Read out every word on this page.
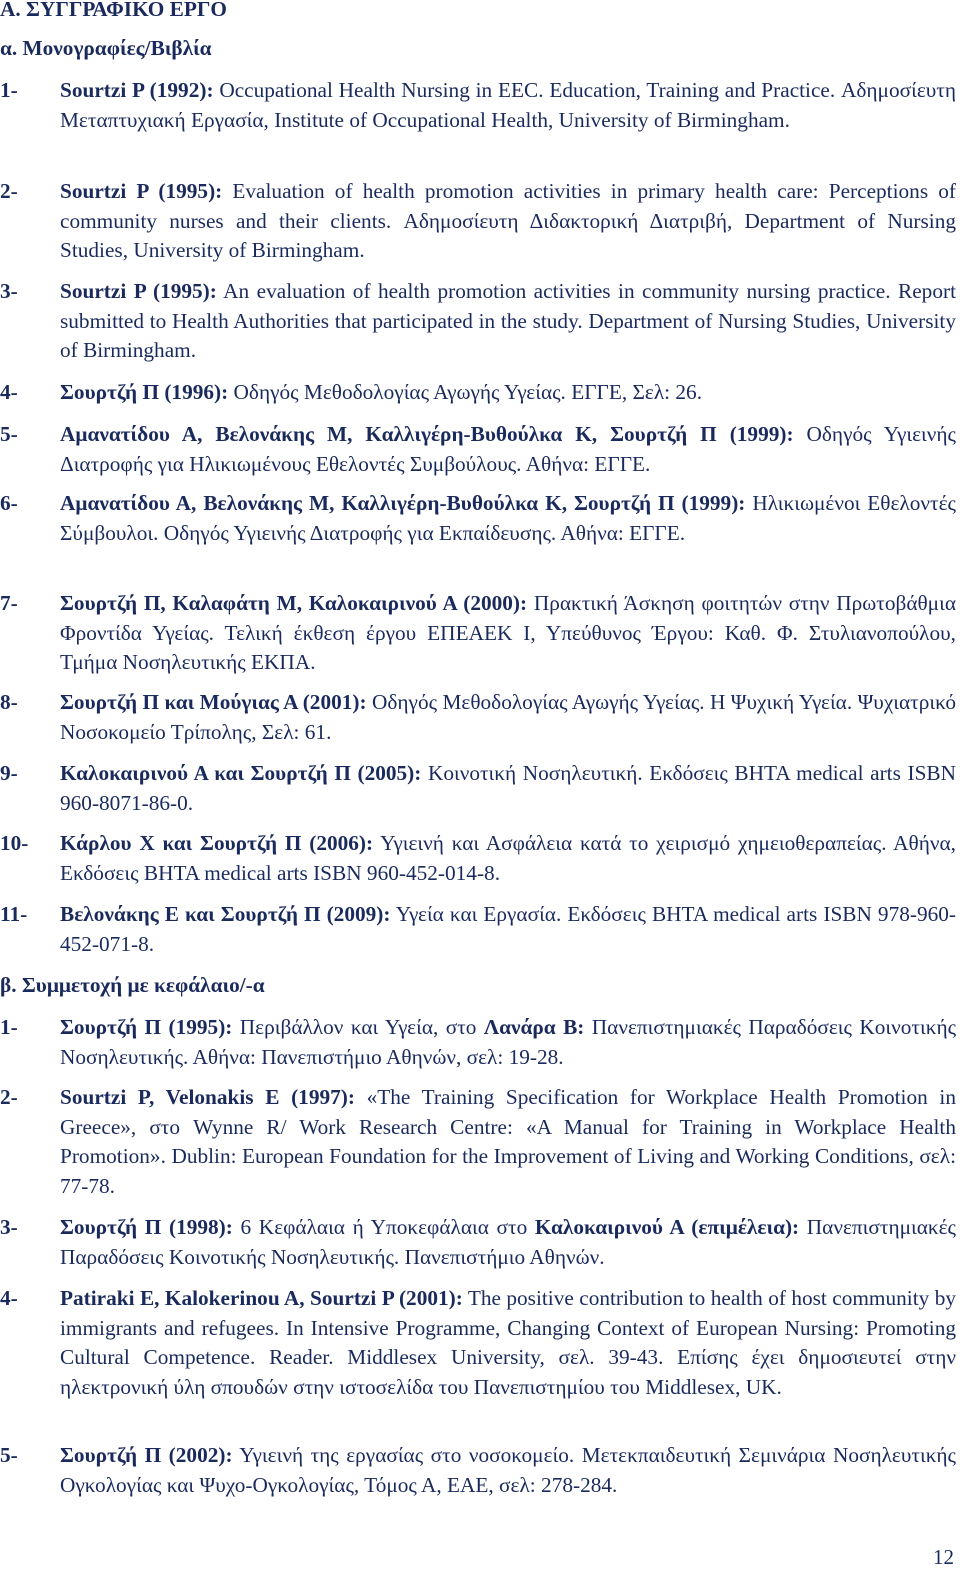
Α. ΣΥΓΓΡΑΦΙΚΟ ΕΡΓΟ
α. Μονογραφίες/Βιβλία
1- Sourtzi P (1992): Occupational Health Nursing in EEC. Education, Training and Practice. Αδημοσίευτη Μεταπτυχιακή Εργασία, Institute of Occupational Health, University of Birmingham.
2- Sourtzi P (1995): Evaluation of health promotion activities in primary health care: Perceptions of community nurses and their clients. Αδημοσίευτη Διδακτορική Διατριβή, Department of Nursing Studies, University of Birmingham.
3- Sourtzi P (1995): An evaluation of health promotion activities in community nursing practice. Report submitted to Health Authorities that participated in the study. Department of Nursing Studies, University of Birmingham.
4- Σουρτζή Π (1996): Οδηγός Μεθοδολογίας Αγωγής Υγείας. ΕΓΓΕ, Σελ: 26.
5- Αμανατίδου Α, Βελονάκης Μ, Καλλιγέρη-Βυθούλκα Κ, Σουρτζή Π (1999): Οδηγός Υγιεινής Διατροφής για Ηλικιωμένους Εθελοντές Συμβούλους. Αθήνα: ΕΓΓΕ.
6- Αμανατίδου Α, Βελονάκης Μ, Καλλιγέρη-Βυθούλκα Κ, Σουρτζή Π (1999): Ηλικιωμένοι Εθελοντές Σύμβουλοι. Οδηγός Υγιεινής Διατροφής για Εκπαίδευσης. Αθήνα: ΕΓΓΕ.
7- Σουρτζή Π, Καλαφάτη Μ, Καλοκαιρινού Α (2000): Πρακτική Άσκηση φοιτητών στην Πρωτοβάθμια Φροντίδα Υγείας. Τελική έκθεση έργου ΕΠΕΑΕΚ Ι, Υπεύθυνος Έργου: Καθ. Φ. Στυλιανοπούλου, Τμήμα Νοσηλευτικής ΕΚΠΑ.
8- Σουρτζή Π και Μούγιας Α (2001): Οδηγός Μεθοδολογίας Αγωγής Υγείας. Η Ψυχική Υγεία. Ψυχιατρικό Νοσοκομείο Τρίπολης, Σελ: 61.
9- Καλοκαιρινού Α και Σουρτζή Π (2005): Κοινοτική Νοσηλευτική. Εκδόσεις ΒΗΤΑ medical arts ISBN 960-8071-86-0.
10- Κάρλου Χ και Σουρτζή Π (2006): Υγιεινή και Ασφάλεια κατά το χειρισμό χημειοθεραπείας. Αθήνα, Εκδόσεις ΒΗΤΑ medical arts ISBN 960-452-014-8.
11- Βελονάκης Ε και Σουρτζή Π (2009): Υγεία και Εργασία. Εκδόσεις ΒΗΤΑ medical arts ISBN 978-960-452-071-8.
β. Συμμετοχή με κεφάλαιο/-α
1- Σουρτζή Π (1995): Περιβάλλον και Υγεία, στο Λανάρα Β: Πανεπιστημιακές Παραδόσεις Κοινοτικής Νοσηλευτικής. Αθήνα: Πανεπιστήμιο Αθηνών, σελ: 19-28.
2- Sourtzi P, Velonakis E (1997): «The Training Specification for Workplace Health Promotion in Greece», στο Wynne R/ Work Research Centre: «A Manual for Training in Workplace Health Promotion». Dublin: European Foundation for the Improvement of Living and Working Conditions, σελ: 77-78.
3- Σουρτζή Π (1998): 6 Κεφάλαια ή Υποκεφάλαια στο Καλοκαιρινού Α (επιμέλεια): Πανεπιστημιακές Παραδόσεις Κοινοτικής Νοσηλευτικής. Πανεπιστήμιο Αθηνών.
4- Patiraki E, Kalokerinou A, Sourtzi P (2001): The positive contribution to health of host community by immigrants and refugees. In Intensive Programme, Changing Context of European Nursing: Promoting Cultural Competence. Reader. Middlesex University, σελ. 39-43. Επίσης έχει δημοσιευτεί στην ηλεκτρονική ύλη σπουδών στην ιστοσελίδα του Πανεπιστημίου του Middlesex, UK.
5- Σουρτζή Π (2002): Υγιεινή της εργασίας στο νοσοκομείο. Μετεκπαιδευτική Σεμινάρια Νοσηλευτικής Ογκολογίας και Ψυχο-Ογκολογίας, Τόμος Α, ΕΑΕ, σελ: 278-284.
12
